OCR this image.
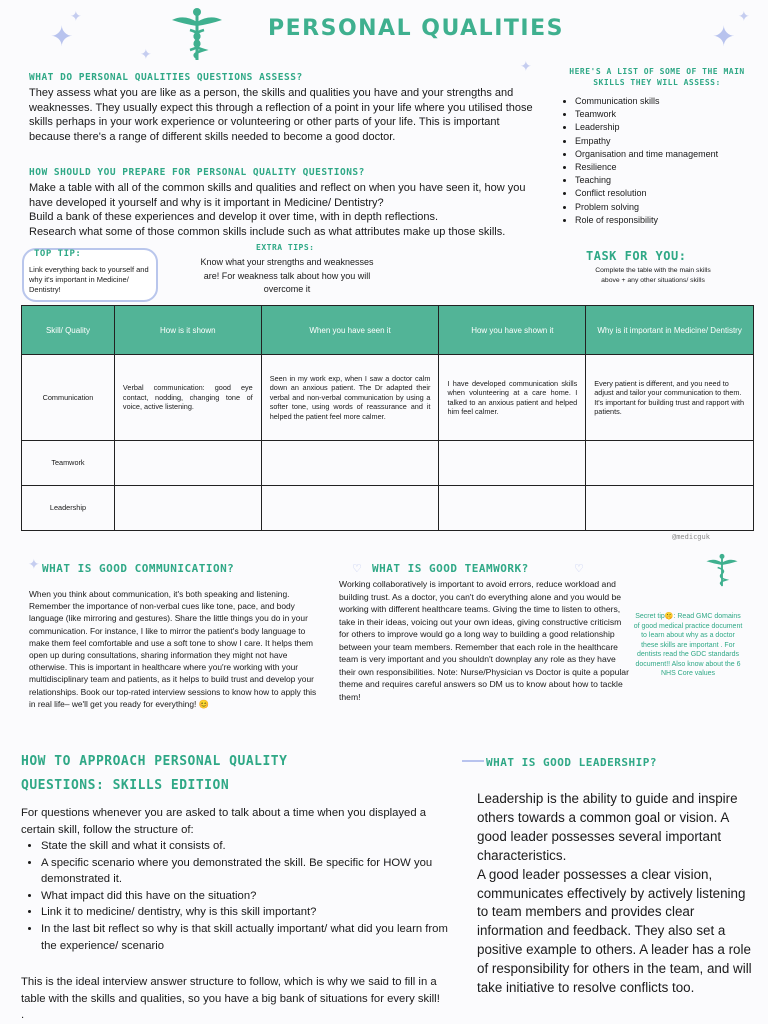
✦
✦
✦
✦
✦
✦
PERSONAL QUALITIES
WHAT DO PERSONAL QUALITIES QUESTIONS ASSESS?
They assess what you are like as a person, the skills and qualities you have and your strengths and weaknesses. They usually expect this through a reflection of a point in your life where you utilised those skills perhaps in your work experience or volunteering or other parts of your life. This is important because there's a range of different skills needed to become a good doctor.
HOW SHOULD YOU PREPARE FOR PERSONAL QUALITY QUESTIONS?
Make a table with all of the common skills and qualities and reflect on when you have seen it, how you have developed it yourself and why is it important in Medicine/ Dentistry?
Build a bank of these experiences and develop it over time, with in depth reflections.
Research what some of those common skills include such as what attributes make up those skills.
HERE'S A LIST OF SOME OF THE MAIN SKILLS THEY WILL ASSESS:
• Communication skills
• Teamwork
• Leadership
• Empathy
• Organisation and time management
• Resilience
• Teaching
• Conflict resolution
• Problem solving
• Role of responsibility
TOP TIP:
Link everything back to yourself and why it's important in Medicine/ Dentistry!
EXTRA TIPS:
Know what your strengths and weaknesses are! For weakness talk about how you will overcome it
TASK FOR YOU:
Complete the table with the main skills above + any other situations/ skills
Skill/ Quality	How is it shown	When you have seen it	How you have shown it	Why is it important in Medicine/ Dentistry
Communication	Verbal communication: good eye contact, nodding, changing tone of voice, active listening.	Seen in my work exp, when I saw a doctor calm down an anxious patient. The Dr adapted their verbal and non-verbal communication by using a softer tone, using words of reassurance and it helped the patient feel more calmer.	I have developed communication skills when volunteering at a care home. I talked to an anxious patient and helped him feel calmer.	Every patient is different, and you need to adjust and tailor your communication to them. It's important for building trust and rapport with patients.
Teamwork				
Leadership				
@medicguk
✦ WHAT IS GOOD COMMUNICATION?
When you think about communication, it's both speaking and listening. Remember the importance of non-verbal cues like tone, pace, and body language (like mirroring and gestures). Share the little things you do in your communication. For instance, I like to mirror the patient's body language to make them feel comfortable and use a soft tone to show I care. It helps them open up during consultations, sharing information they might not have otherwise. This is important in healthcare where you're working with your multidisciplinary team and patients, as it helps to build trust and develop your relationships. Book our top-rated interview sessions to know how to apply this in real life– we'll get you ready for everything! 😊
♡ WHAT IS GOOD TEAMWORK?	♡
Working collaboratively is important to avoid errors, reduce workload and building trust. As a doctor, you can't do everything alone and you would be working with different healthcare teams. Giving the time to listen to others, take in their ideas, voicing out your own ideas, giving constructive criticism for others to improve would go a long way to building a good relationship between your team members. Remember that each role in the healthcare team is very important and you shouldn't downplay any role as they have their own responsibilities. Note: Nurse/Physician vs Doctor is quite a popular theme and requires careful answers so DM us to know about how to tackle them!
Secret tip🤫: Read GMC domains of good medical practice document to learn about why as a doctor these skills are important . For dentists read the GDC standards document!! Also know about the 6 NHS Core values
HOW TO APPROACH PERSONAL QUALITY
QUESTIONS: SKILLS EDITION
For questions whenever you are asked to talk about a time when you displayed a certain skill, follow the structure of:
• State the skill and what it consists of.
• A specific scenario where you demonstrated the skill. Be specific for HOW you demonstrated it.
• What impact did this have on the situation?
• Link it to medicine/ dentistry, why is this skill important?
• In the last bit reflect so why is that skill actually important/ what did you learn from the experience/ scenario
This is the ideal interview answer structure to follow, which is why we said to fill in a table with the skills and qualities, so you have a big bank of situations for every skill! .
WHAT IS GOOD LEADERSHIP?
Leadership is the ability to guide and inspire others towards a common goal or vision. A good leader possesses several important characteristics.
A good leader possesses a clear vision, communicates effectively by actively listening to team members and provides clear information and feedback. They also set a positive example to others. A leader has a role of responsibility for others in the team, and will take initiative to resolve conflicts too.
